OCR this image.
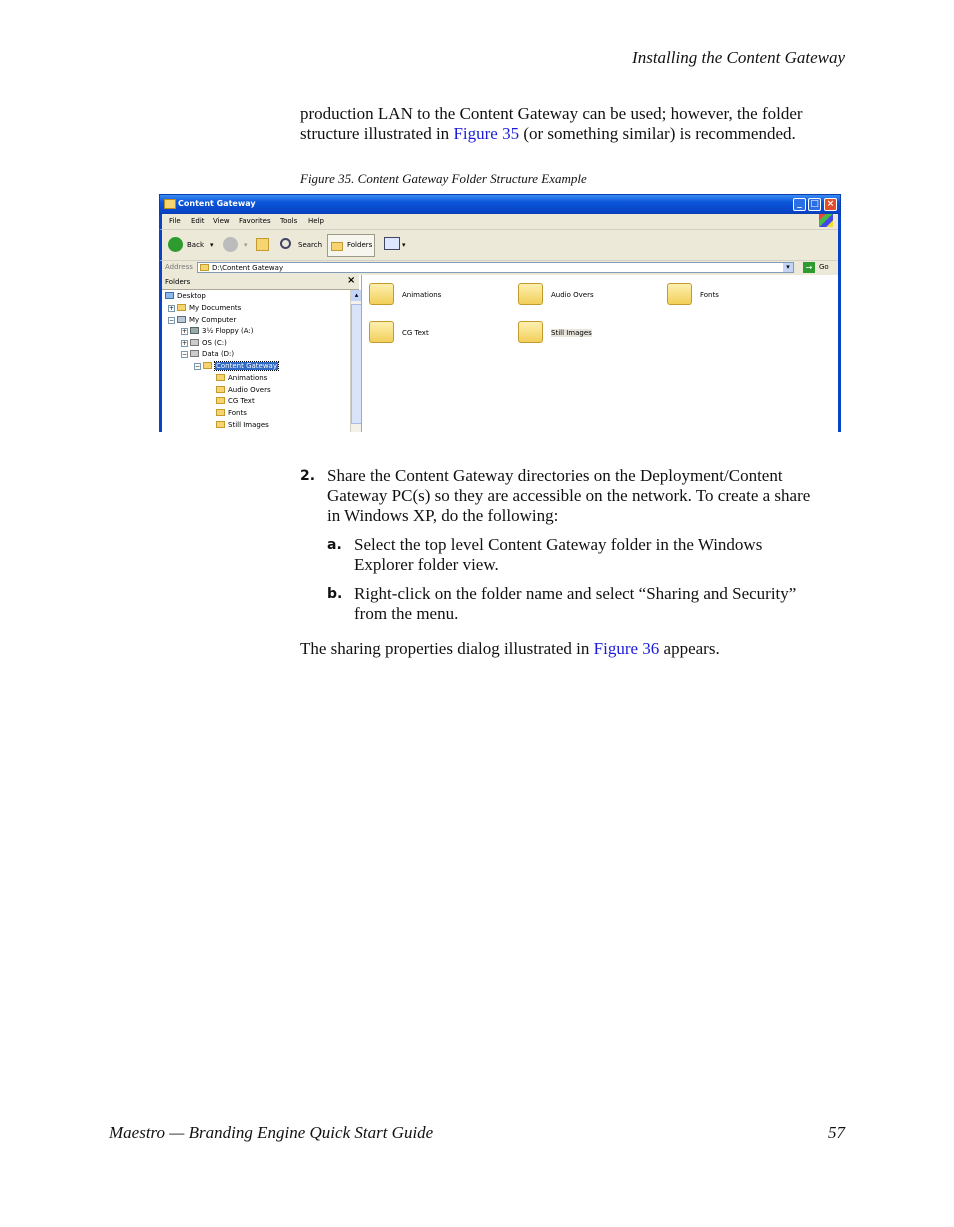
Installing the Content Gateway
production LAN to the Content Gateway can be used; however, the folder
structure illustrated in Figure 35 (or something similar) is recommended.
Figure 35. Content Gateway Folder Structure Example
Content Gateway	_ □ ×
File Edit View Favorites Tools Help
Back ▾	▾	Search	Folders	▾
Address	D:\Content Gateway	▾	→ Go
Folders	×
Desktop
+	My Documents
−	My Computer
+	3½ Floppy (A:)
+	OS (C:)
−	Data (D:)
−	Content Gateway
Animations
Audio Overs
CG Text
Fonts
Still Images
▴	Animations	Audio Overs	Fonts
CG Text	Still Images
2. Share the Content Gateway directories on the Deployment/Content
Gateway PC(s) so they are accessible on the network. To create a share
in Windows XP, do the following:
a. Select the top level Content Gateway folder in the Windows
Explorer folder view.
b. Right-click on the folder name and select “Sharing and Security”
from the menu.
The sharing properties dialog illustrated in Figure 36 appears.
Maestro — Branding Engine Quick Start Guide	57
